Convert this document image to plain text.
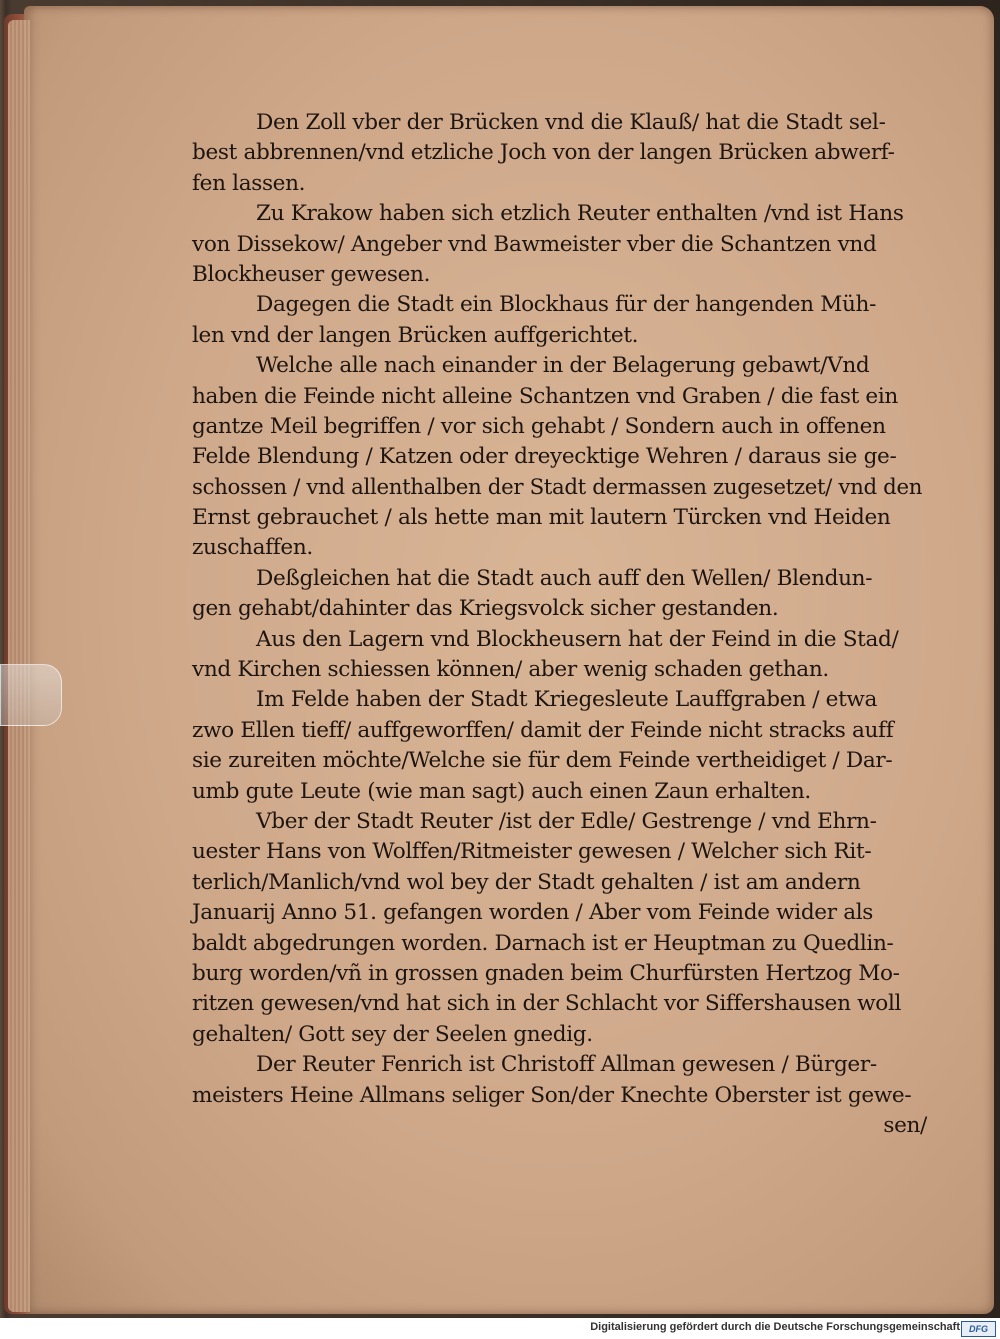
Den Zoll vber der Brücken vnd die Klauß/ hat die Stadt sel-
best abbrennen/vnd etzliche Joch von der langen Brücken abwerf-
fen lassen.
Zu Krakow haben sich etzlich Reuter enthalten /vnd ist Hans
von Dissekow/ Angeber vnd Bawmeister vber die Schantzen vnd
Blockheuser gewesen.
Dagegen die Stadt ein Blockhaus für der hangenden Müh-
len vnd der langen Brücken auffgerichtet.
Welche alle nach einander in der Belagerung gebawt/Vnd
haben die Feinde nicht alleine Schantzen vnd Graben / die fast ein
gantze Meil begriffen / vor sich gehabt / Sondern auch in offenen
Felde Blendung / Katzen oder dreyecktige Wehren / daraus sie ge-
schossen / vnd allenthalben der Stadt dermassen zugesetzet/ vnd den
Ernst gebrauchet / als hette man mit lautern Türcken vnd Heiden
zuschaffen.
Deßgleichen hat die Stadt auch auff den Wellen/ Blendun-
gen gehabt/dahinter das Kriegsvolck sicher gestanden.
Aus den Lagern vnd Blockheusern hat der Feind in die Stad/
vnd Kirchen schiessen können/ aber wenig schaden gethan.
Im Felde haben der Stadt Kriegesleute Lauffgraben / etwa
zwo Ellen tieff/ auffgeworffen/ damit der Feinde nicht stracks auff
sie zureiten möchte/Welche sie für dem Feinde vertheidiget / Dar-
umb gute Leute (wie man sagt) auch einen Zaun erhalten.
Vber der Stadt Reuter /ist der Edle/ Gestrenge / vnd Ehrn-
uester Hans von Wolffen/Ritmeister gewesen / Welcher sich Rit-
terlich/Manlich/vnd wol bey der Stadt gehalten / ist am andern
Januarij Anno 51. gefangen worden / Aber vom Feinde wider als
baldt abgedrungen worden. Darnach ist er Heuptman zu Quedlin-
burg worden/vñ in grossen gnaden beim Churfürsten Hertzog Mo-
ritzen gewesen/vnd hat sich in der Schlacht vor Siffershausen woll
gehalten/ Gott sey der Seelen gnedig.
Der Reuter Fenrich ist Christoff Allman gewesen / Bürger-
meisters Heine Allmans seliger Son/der Knechte Oberster ist gewe-
sen/
Digitalisierung gefördert durch die Deutsche Forschungsgemeinschaft	DFG
